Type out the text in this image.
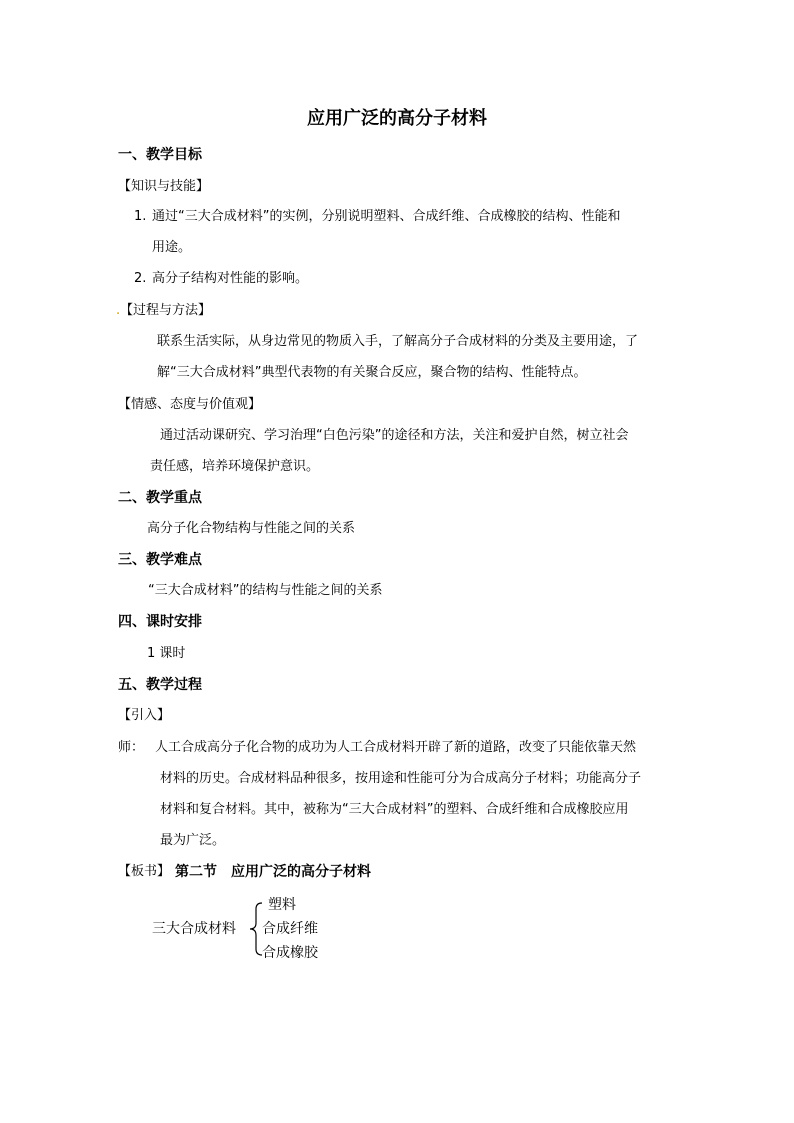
应用广泛的高分子材料
一、教学目标
【知识与技能】
1. 通过“三大合成材料”的实例，分别说明塑料、合成纤维、合成橡胶的结构、性能和
用途。
2. 高分子结构对性能的影响。
. 【过程与方法】
联系生活实际，从身边常见的物质入手，了解高分子合成材料的分类及主要用途，了
解“三大合成材料”典型代表物的有关聚合反应，聚合物的结构、性能特点。
【情感、态度与价值观】
通过活动课研究、学习治理“白色污染”的途径和方法，关注和爱护自然，树立社会
责任感，培养环境保护意识。
二、教学重点
高分子化合物结构与性能之间的关系
三、教学难点
“三大合成材料”的结构与性能之间的关系
四、课时安排
1 课时
五、教学过程
【引入】
师： 人工合成高分子化合物的成功为人工合成材料开辟了新的道路，改变了只能依靠天然
材料的历史。合成材料品种很多，按用途和性能可分为合成高分子材料；功能高分子
材料和复合材料。其中，被称为“三大合成材料”的塑料、合成纤维和合成橡胶应用
最为广泛。
【板书】 第二节　应用广泛的高分子材料
三大合成材料
塑料
合成纤维
合成橡胶
